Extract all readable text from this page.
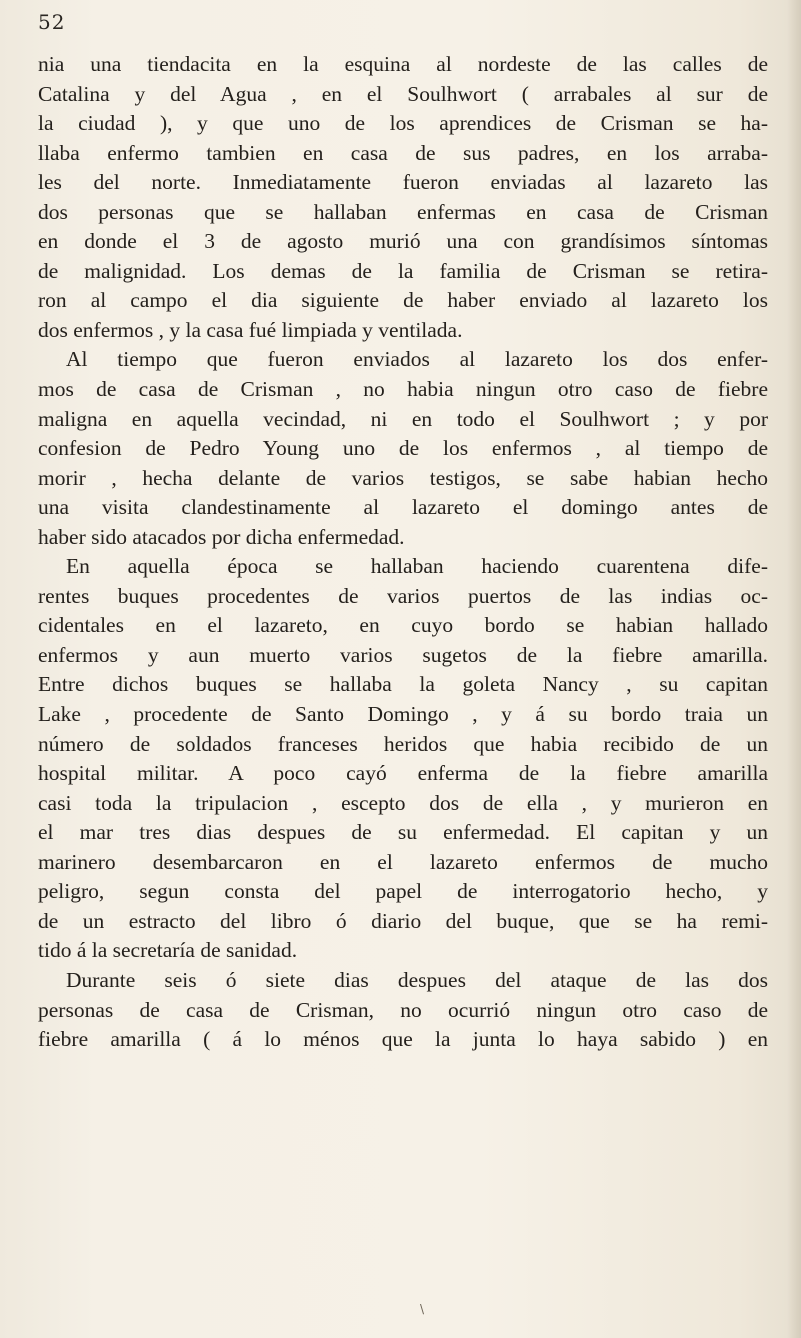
52
nia una tiendacita en la esquina al nordeste de las calles de
Catalina y del Agua , en el Soulhwort ( arrabales al sur de
la ciudad ), y que uno de los aprendices de Crisman se ha-
llaba enfermo tambien en casa de sus padres, en los arraba-
les del norte. Inmediatamente fueron enviadas al lazareto las
dos personas que se hallaban enfermas en casa de Crisman
en donde el 3 de agosto murió una con grandísimos síntomas
de malignidad. Los demas de la familia de Crisman se retira-
ron al campo el dia siguiente de haber enviado al lazareto los
dos enfermos , y la casa fué limpiada y ventilada.
Al tiempo que fueron enviados al lazareto los dos enfer-
mos de casa de Crisman , no habia ningun otro caso de fiebre
maligna en aquella vecindad, ni en todo el Soulhwort ; y por
confesion de Pedro Young uno de los enfermos , al tiempo de
morir , hecha delante de varios testigos, se sabe habian hecho
una visita clandestinamente al lazareto el domingo antes de
haber sido atacados por dicha enfermedad.
En aquella época se hallaban haciendo cuarentena dife-
rentes buques procedentes de varios puertos de las indias oc-
cidentales en el lazareto, en cuyo bordo se habian hallado
enfermos y aun muerto varios sugetos de la fiebre amarilla.
Entre dichos buques se hallaba la goleta Nancy , su capitan
Lake , procedente de Santo Domingo , y á su bordo traia un
número de soldados franceses heridos que habia recibido de un
hospital militar. A poco cayó enferma de la fiebre amarilla
casi toda la tripulacion , escepto dos de ella , y murieron en
el mar tres dias despues de su enfermedad. El capitan y un
marinero desembarcaron en el lazareto enfermos de mucho
peligro, segun consta del papel de interrogatorio hecho, y
de un estracto del libro ó diario del buque, que se ha remi-
tido á la secretaría de sanidad.
Durante seis ó siete dias despues del ataque de las dos
personas de casa de Crisman, no ocurrió ningun otro caso de
fiebre amarilla ( á lo ménos que la junta lo haya sabido ) en
\
